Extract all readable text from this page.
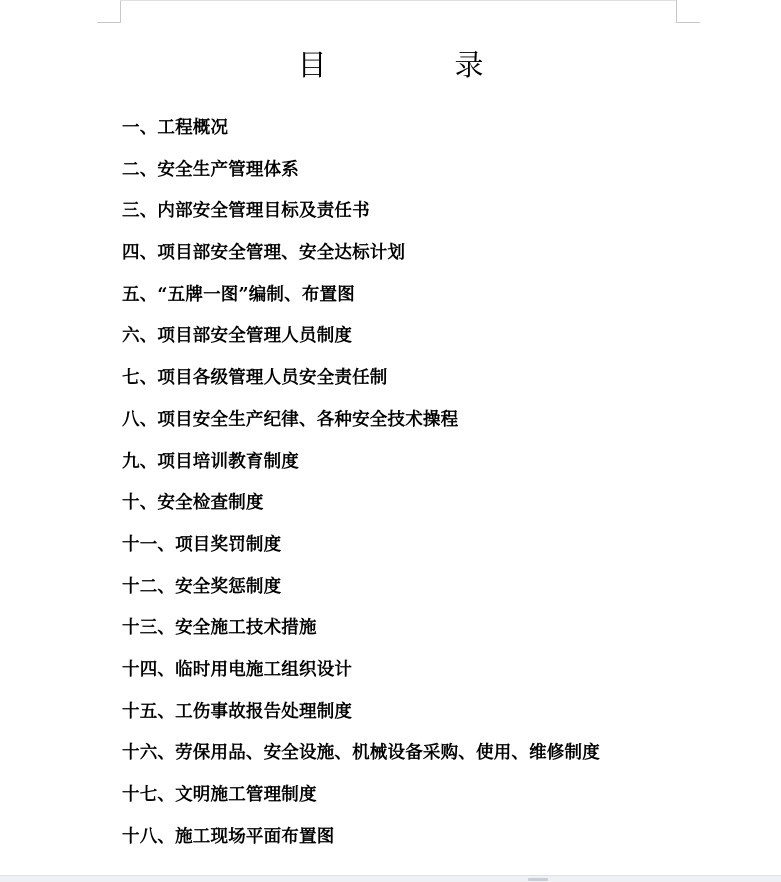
目	录
一、工程概况
二、安全生产管理体系
三、内部安全管理目标及责任书
四、项目部安全管理、安全达标计划
五、“五牌一图”编制、布置图
六、项目部安全管理人员制度
七、项目各级管理人员安全责任制
八、项目安全生产纪律、各种安全技术操程
九、项目培训教育制度
十、安全检查制度
十一、项目奖罚制度
十二、安全奖惩制度
十三、安全施工技术措施
十四、临时用电施工组织设计
十五、工伤事故报告处理制度
十六、劳保用品、安全设施、机械设备采购、使用、维修制度
十七、文明施工管理制度
十八、施工现场平面布置图
